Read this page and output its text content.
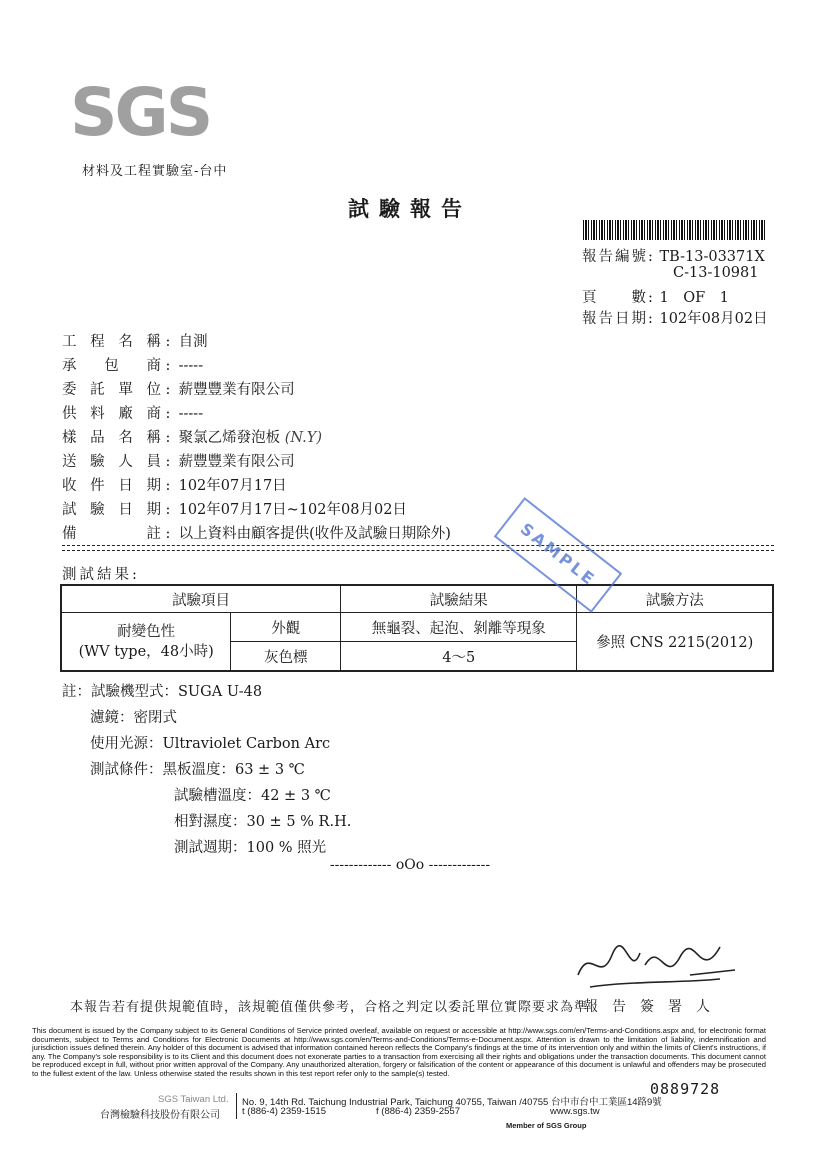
SGS
材料及工程實驗室-台中
試驗報告
報告編號: TB-13-03371X
C-13-10981
頁　　數: 1　OF　1
報告日期: 102年08月02日
工程名稱 : 自測
承包商 : -----
委託單位 : 薪豐豐業有限公司
供料廠商 : -----
樣品名稱 : 聚氯乙烯發泡板 (N.Y)
送驗人員 : 薪豐豐業有限公司
收件日期 : 102年07月17日
試驗日期 : 102年07月17日~102年08月02日
備註 : 以上資料由顧客提供(收件及試驗日期除外)
測試結果:
試驗項目		試驗結果	試驗方法

耐變色性
(WV type，48小時)	外觀	無龜裂、起泡、剝離等現象	參照 CNS 2215(2012)
	灰色標	4～5	
SAMPLE
註：試驗機型式：SUGA U-48
濾鏡：密閉式
使用光源：Ultraviolet Carbon Arc
測試條件：黑板溫度：63 ± 3 ℃
試驗槽溫度：42 ± 3 ℃
相對濕度：30 ± 5 % R.H.
測試週期：100 % 照光
------------- oOo -------------
本報告若有提供規範值時，該規範值僅供參考，合格之判定以委託單位實際要求為準
報告簽署人
This document is issued by the Company subject to its General Conditions of Service printed overleaf, available on request or accessible at http://www.sgs.com/en/Terms-and-Conditions.aspx and, for electronic format documents, subject to Terms and Conditions for Electronic Documents at http://www.sgs.com/en/Terms-and-Conditions/Terms-e-Document.aspx. Attention is drawn to the limitation of liability, indemnification and jurisdiction issues defined therein. Any holder of this document is advised that information contained hereon reflects the Company's findings at the time of its intervention only and within the limits of Client's instructions, if any. The Company's sole responsibility is to its Client and this document does not exonerate parties to a transaction from exercising all their rights and obligations under the transaction documents. This document cannot be reproduced except in full, without prior written approval of the Company. Any unauthorized alteration, forgery or falsification of the content or appearance of this document is unlawful and offenders may be prosecuted to the fullest extent of the law. Unless otherwise stated the results shown in this test report refer only to the sample(s) tested.
0889728
SGS Taiwan Ltd.
台灣檢驗科技股份有限公司
No. 9, 14th Rd. Taichung Industrial Park, Taichung 40755, Taiwan /40755 台中市台中工業區14路9號
t (886-4) 2359-1515	f (886-4) 2359-2557	www.sgs.tw
Member of SGS Group
